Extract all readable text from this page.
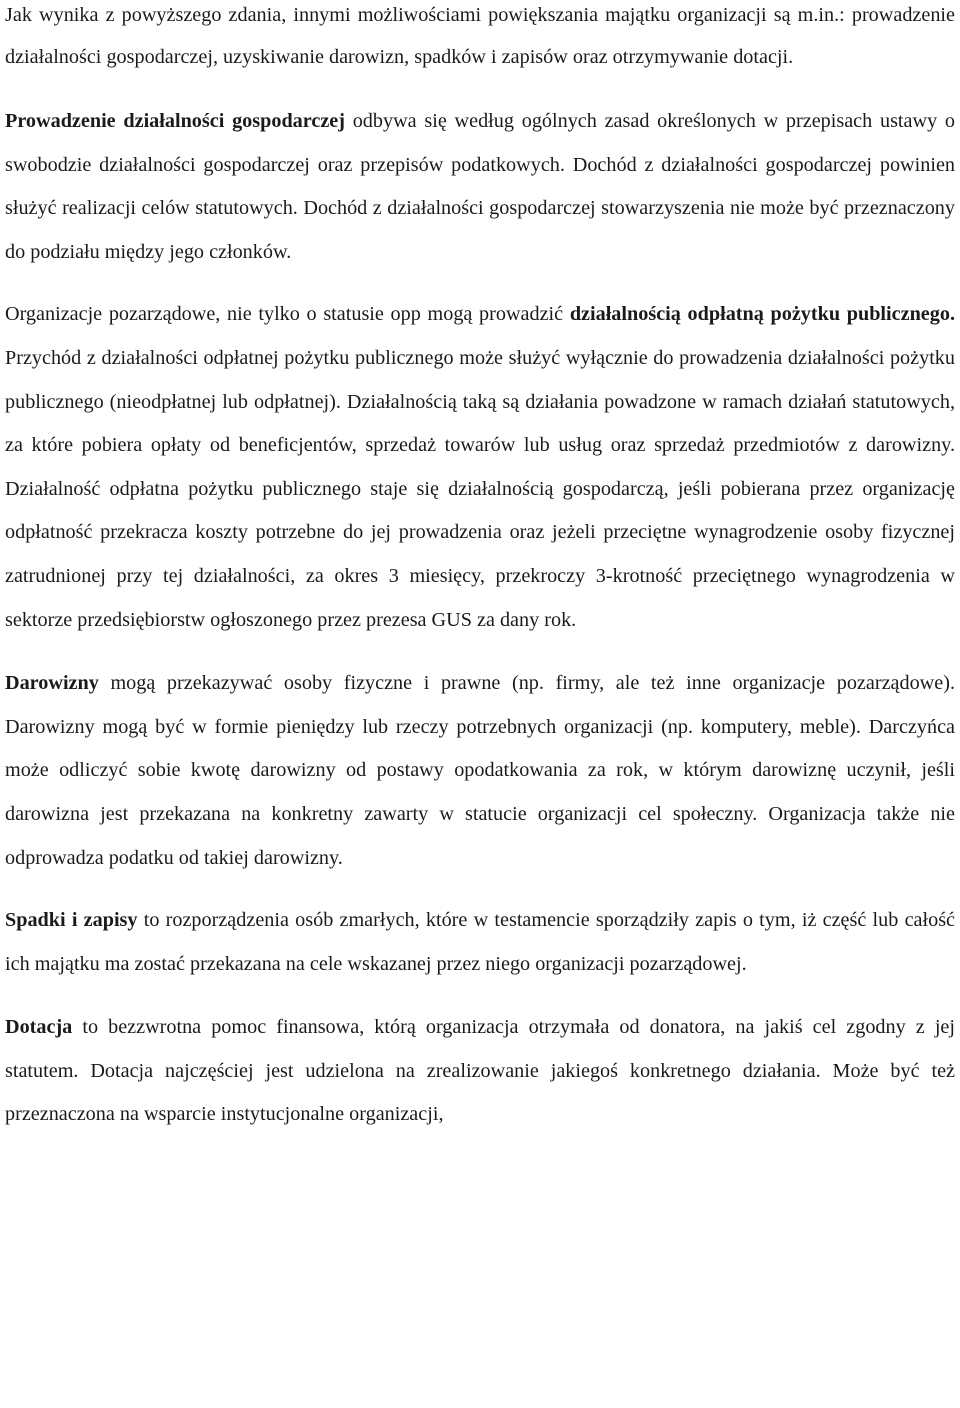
Jak wynika z powyższego zdania, innymi możliwościami powiększania majątku organizacji są m.in.: prowadzenie działalności gospodarczej, uzyskiwanie darowizn, spadków i zapisów oraz otrzymywanie dotacji.

Prowadzenie działalności gospodarczej odbywa się według ogólnych zasad określonych w przepisach ustawy o swobodzie działalności gospodarczej oraz przepisów podatkowych. Dochód z działalności gospodarczej powinien służyć realizacji celów statutowych. Dochód z działalności gospodarczej stowarzyszenia nie może być przeznaczony do podziału między jego członków.

Organizacje pozarządowe, nie tylko o statusie opp mogą prowadzić działalnością odpłatną pożytku publicznego. Przychód z działalności odpłatnej pożytku publicznego może służyć wyłącznie do prowadzenia działalności pożytku publicznego (nieodpłatnej lub odpłatnej). Działalnością taką są działania powadzone w ramach działań statutowych, za które pobiera opłaty od beneficjentów, sprzedaż towarów lub usług oraz sprzedaż przedmiotów z darowizny. Działalność odpłatna pożytku publicznego staje się działalnością gospodarczą, jeśli pobierana przez organizację odpłatność przekracza koszty potrzebne do jej prowadzenia oraz jeżeli przeciętne wynagrodzenie osoby fizycznej zatrudnionej przy tej działalności, za okres 3 miesięcy, przekroczy 3-krotność przeciętnego wynagrodzenia w sektorze przedsiębiorstw ogłoszonego przez prezesa GUS za dany rok.

Darowizny mogą przekazywać osoby fizyczne i prawne (np. firmy, ale też inne organizacje pozarządowe). Darowizny mogą być w formie pieniędzy lub rzeczy potrzebnych organizacji (np. komputery, meble). Darczyńca może odliczyć sobie kwotę darowizny od postawy opodatkowania za rok, w którym darowiznę uczynił, jeśli darowizna jest przekazana na konkretny zawarty w statucie organizacji cel społeczny. Organizacja także nie odprowadza podatku od takiej darowizny.

Spadki i zapisy to rozporządzenia osób zmarłych, które w testamencie sporządziły zapis o tym, iż część lub całość ich majątku ma zostać przekazana na cele wskazanej przez niego organizacji pozarządowej.

Dotacja to bezzwrotna pomoc finansowa, którą organizacja otrzymała od donatora, na jakiś cel zgodny z jej statutem. Dotacja najczęściej jest udzielona na zrealizowanie jakiegoś konkretnego działania. Może być też przeznaczona na wsparcie instytucjonalne organizacji,
